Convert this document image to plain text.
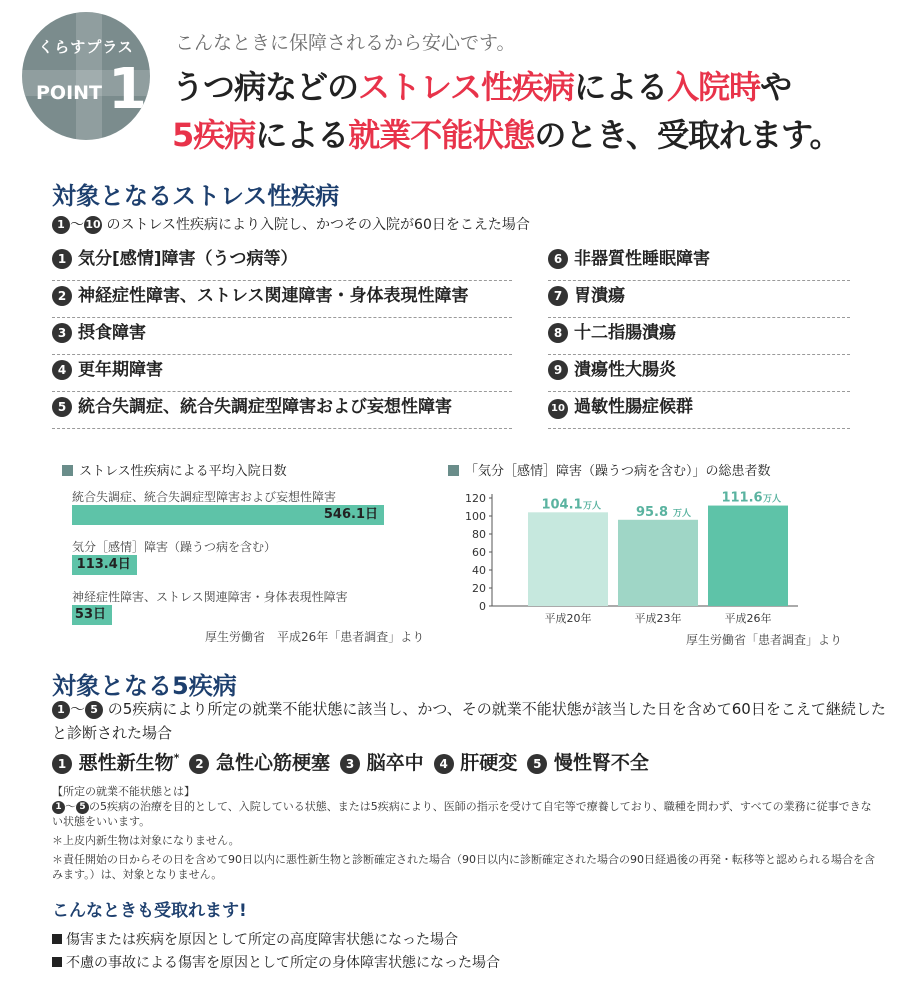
くらすプラス
POINT 1
こんなときに保障されるから安心です。
うつ病などのストレス性疾病による入院時や
5疾病による就業不能状態のとき、受取れます。
対象となるストレス性疾病
1 ～10 のストレス性疾病により入院し、かつその入院が60日をこえた場合
1 気分[感情]障害（うつ病等）
2 神経症性障害、ストレス関連障害・身体表現性障害
3 摂食障害
4 更年期障害
5 統合失調症、統合失調症型障害および妄想性障害
6 非器質性睡眠障害
7 胃潰瘍
8 十二指腸潰瘍
9 潰瘍性大腸炎
10 過敏性腸症候群
ストレス性疾病による平均入院日数
統合失調症、統合失調症型障害および妄想性障害
546.1日
気分［感情］障害（躁うつ病を含む）
113.4日
神経症性障害、ストレス関連障害・身体表現性障害
53日
厚生労働省　平成26年「患者調査」より
「気分［感情］障害（躁うつ病を含む）」の総患者数
0
20
40
60
80
100
120	104.1 万人
平成20年
95.8 万人
平成23年
111.6 万人
平成26年
厚生労働省「患者調査」より
対象となる5疾病
1 ～ 5 の5疾病により所定の就業不能状態に該当し、かつ、その就業不能状態が該当した日を含めて60日をこえて継続した
と診断された場合
1 悪性新生物* 2 急性心筋梗塞 3 脳卒中 4 肝硬変 5 慢性腎不全
【所定の就業不能状態とは】
1 ～ 5 の5疾病の治療を目的として、入院している状態、または5疾病により、医師の指示を受けて自宅等で療養しており、職種を問わず、すべての業務に従事できない状態をいいます。
＊上皮内新生物は対象になりません。
＊責任開始の日からその日を含めて90日以内に悪性新生物と診断確定された場合（90日以内に診断確定された場合の90日経過後の再発・転移等と認められる場合を含みます。）は、対象となりません。
こんなときも受取れます!
傷害または疾病を原因として所定の高度障害状態になった場合
不慮の事故による傷害を原因として所定の身体障害状態になった場合
